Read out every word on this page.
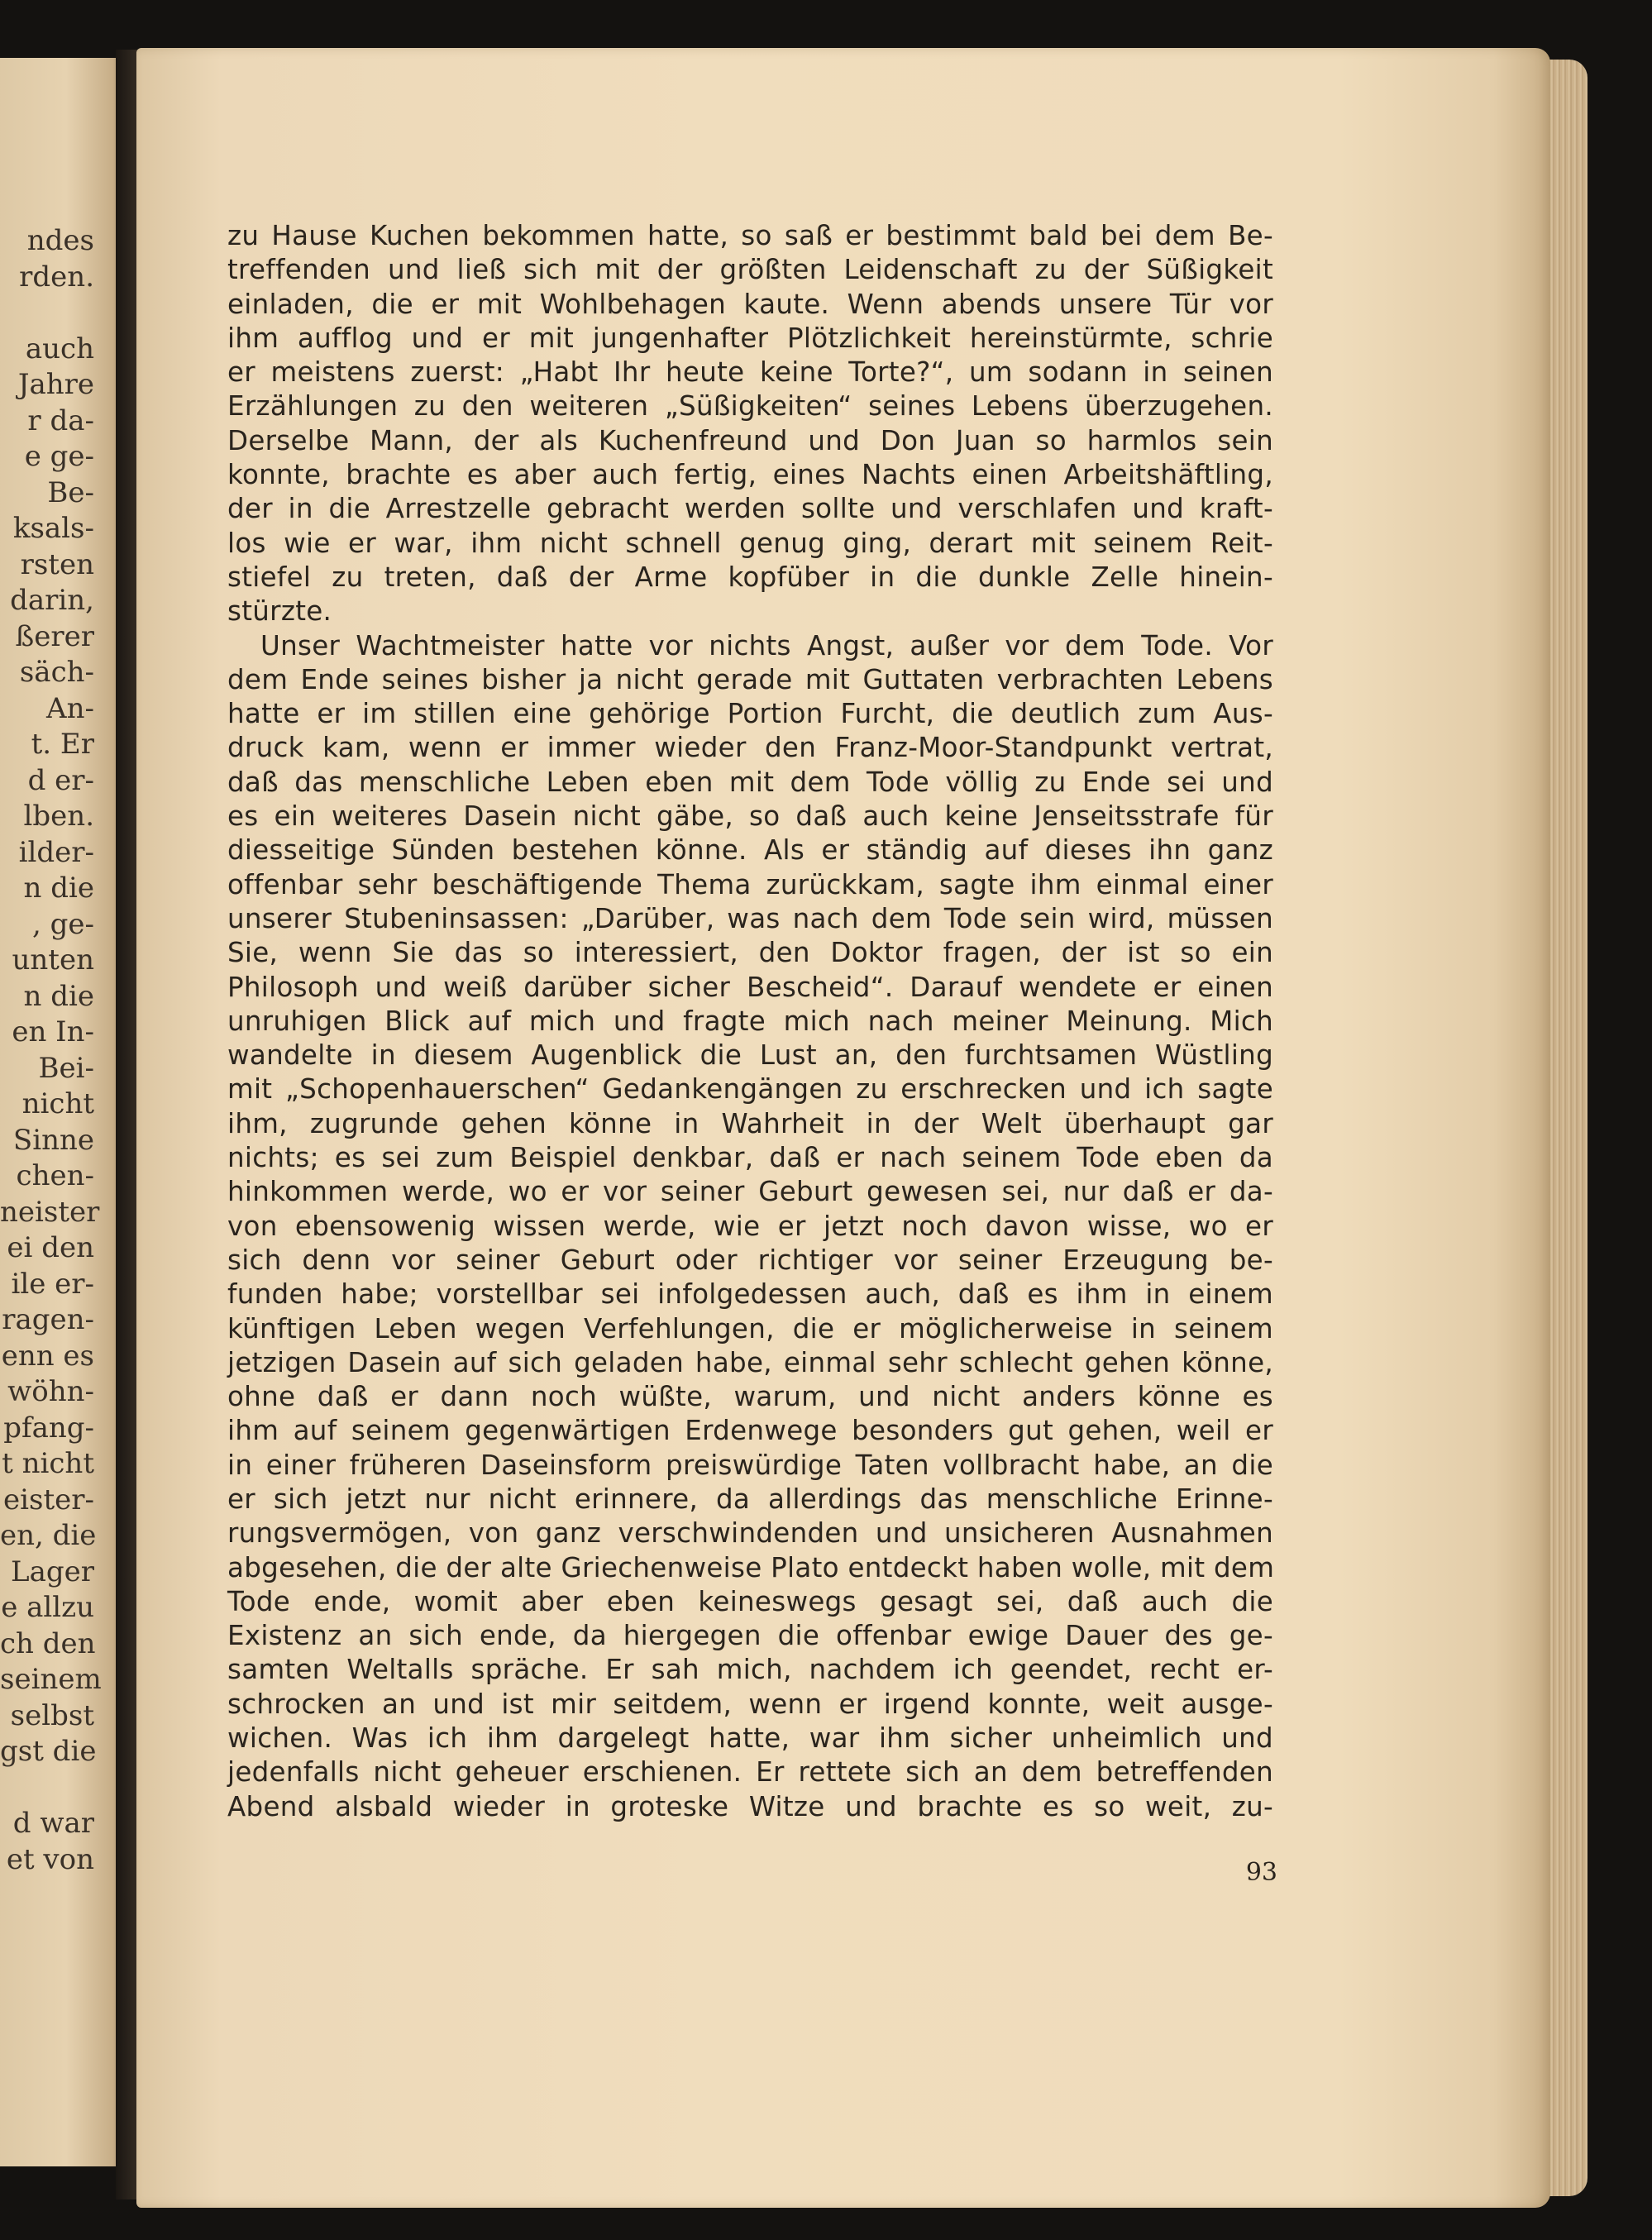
ndes
rden.
auch
Jahre
r da-
e ge-
Be-
ksals-
rsten
darin,
ßerer
säch-
An-
t. Er
d er-
lben.
ilder-
n die
, ge-
unten
n die
en In-
Bei-
nicht
Sinne
chen-
neister
ei den
ile er-
ragen-
enn es
wöhn-
pfang-
t nicht
eister-
en, die
Lager
e allzu
ch den
seinem
selbst
gst die
d war
et von
zu Hause Kuchen bekommen hatte, so saß er bestimmt bald bei dem Be-
treffenden und ließ sich mit der größten Leidenschaft zu der Süßigkeit
einladen, die er mit Wohlbehagen kaute. Wenn abends unsere Tür vor
ihm aufflog und er mit jungenhafter Plötzlichkeit hereinstürmte, schrie
er meistens zuerst: „Habt Ihr heute keine Torte?“, um sodann in seinen
Erzählungen zu den weiteren „Süßigkeiten“ seines Lebens überzugehen.
Derselbe Mann, der als Kuchenfreund und Don Juan so harmlos sein
konnte, brachte es aber auch fertig, eines Nachts einen Arbeitshäftling,
der in die Arrestzelle gebracht werden sollte und verschlafen und kraft-
los wie er war, ihm nicht schnell genug ging, derart mit seinem Reit-
stiefel zu treten, daß der Arme kopfüber in die dunkle Zelle hinein-
stürzte.
Unser Wachtmeister hatte vor nichts Angst, außer vor dem Tode. Vor
dem Ende seines bisher ja nicht gerade mit Guttaten verbrachten Lebens
hatte er im stillen eine gehörige Portion Furcht, die deutlich zum Aus-
druck kam, wenn er immer wieder den Franz-Moor-Standpunkt vertrat,
daß das menschliche Leben eben mit dem Tode völlig zu Ende sei und
es ein weiteres Dasein nicht gäbe, so daß auch keine Jenseitsstrafe für
diesseitige Sünden bestehen könne. Als er ständig auf dieses ihn ganz
offenbar sehr beschäftigende Thema zurückkam, sagte ihm einmal einer
unserer Stubeninsassen: „Darüber, was nach dem Tode sein wird, müssen
Sie, wenn Sie das so interessiert, den Doktor fragen, der ist so ein
Philosoph und weiß darüber sicher Bescheid“. Darauf wendete er einen
unruhigen Blick auf mich und fragte mich nach meiner Meinung. Mich
wandelte in diesem Augenblick die Lust an, den furchtsamen Wüstling
mit „Schopenhauerschen“ Gedankengängen zu erschrecken und ich sagte
ihm, zugrunde gehen könne in Wahrheit in der Welt überhaupt gar
nichts; es sei zum Beispiel denkbar, daß er nach seinem Tode eben da
hinkommen werde, wo er vor seiner Geburt gewesen sei, nur daß er da-
von ebensowenig wissen werde, wie er jetzt noch davon wisse, wo er
sich denn vor seiner Geburt oder richtiger vor seiner Erzeugung be-
funden habe; vorstellbar sei infolgedessen auch, daß es ihm in einem
künftigen Leben wegen Verfehlungen, die er möglicherweise in seinem
jetzigen Dasein auf sich geladen habe, einmal sehr schlecht gehen könne,
ohne daß er dann noch wüßte, warum, und nicht anders könne es
ihm auf seinem gegenwärtigen Erdenwege besonders gut gehen, weil er
in einer früheren Daseinsform preiswürdige Taten vollbracht habe, an die
er sich jetzt nur nicht erinnere, da allerdings das menschliche Erinne-
rungsvermögen, von ganz verschwindenden und unsicheren Ausnahmen
abgesehen, die der alte Griechenweise Plato entdeckt haben wolle, mit dem
Tode ende, womit aber eben keineswegs gesagt sei, daß auch die
Existenz an sich ende, da hiergegen die offenbar ewige Dauer des ge-
samten Weltalls spräche. Er sah mich, nachdem ich geendet, recht er-
schrocken an und ist mir seitdem, wenn er irgend konnte, weit ausge-
wichen. Was ich ihm dargelegt hatte, war ihm sicher unheimlich und
jedenfalls nicht geheuer erschienen. Er rettete sich an dem betreffenden
Abend alsbald wieder in groteske Witze und brachte es so weit, zu-
93
